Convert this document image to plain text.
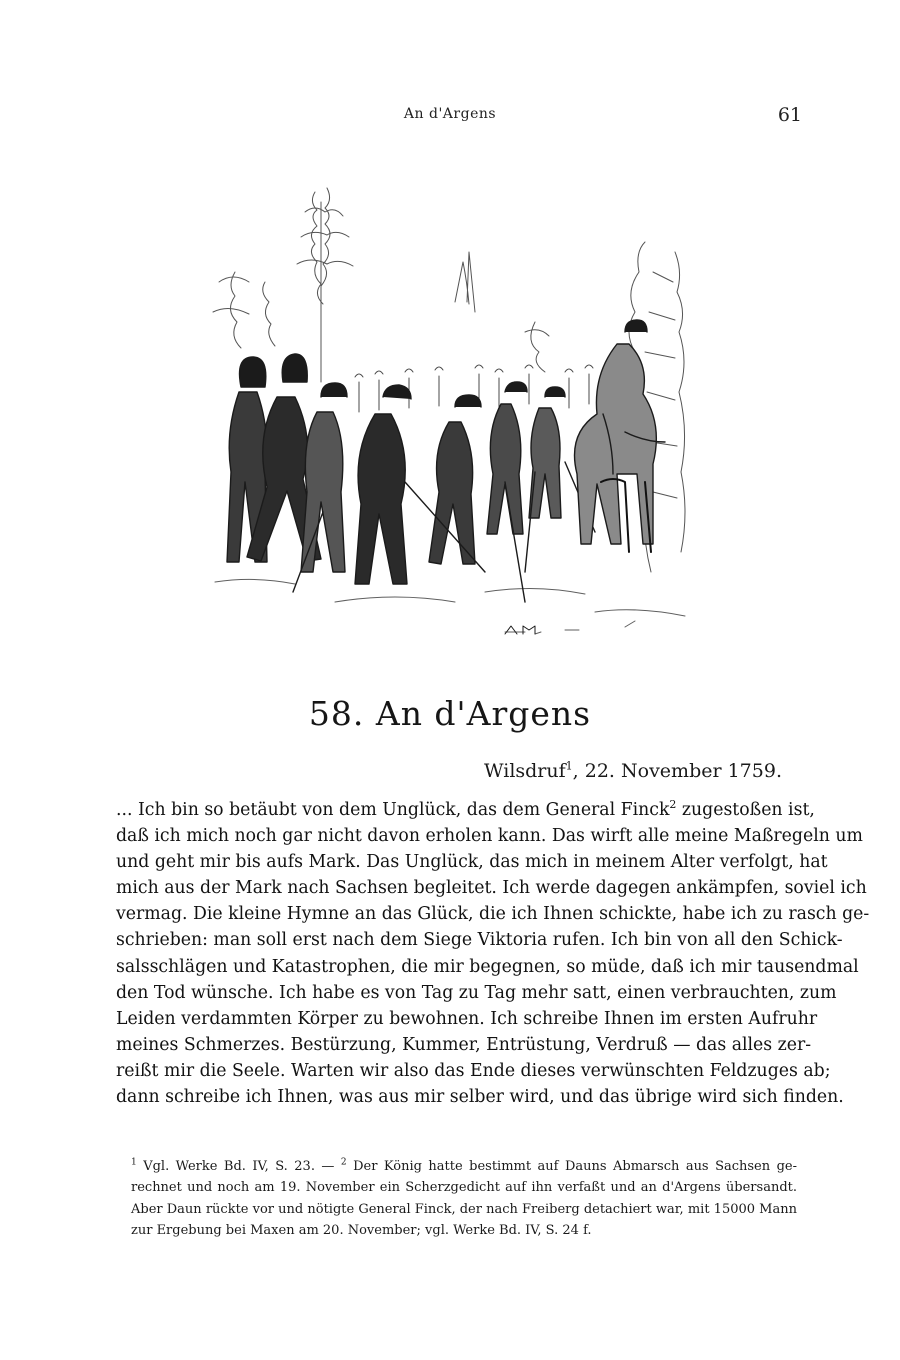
An d'Argens	61
58. An d'Argens
Wilsdruf$^1$, 22. November 1759.
... Ich bin so betäubt von dem Unglück, das dem General Finck$^2$ zugestoßen ist,
daß ich mich noch gar nicht davon erholen kann. Das wirft alle meine Maßregeln um
und geht mir bis aufs Mark. Das Unglück, das mich in meinem Alter verfolgt, hat
mich aus der Mark nach Sachsen begleitet. Ich werde dagegen ankämpfen, soviel ich
vermag. Die kleine Hymne an das Glück, die ich Ihnen schickte, habe ich zu rasch ge-
schrieben: man soll erst nach dem Siege Viktoria rufen. Ich bin von all den Schick-
salsschlägen und Katastrophen, die mir begegnen, so müde, daß ich mir tausendmal
den Tod wünsche. Ich habe es von Tag zu Tag mehr satt, einen verbrauchten, zum
Leiden verdammten Körper zu bewohnen. Ich schreibe Ihnen im ersten Aufruhr
meines Schmerzes. Bestürzung, Kummer, Entrüstung, Verdruß — das alles zer-
reißt mir die Seele. Warten wir also das Ende dieses verwünschten Feldzuges ab;
dann schreibe ich Ihnen, was aus mir selber wird, und das übrige wird sich finden.
$^1$ Vgl. Werke Bd. IV, S. 23. — $^2$ Der König hatte bestimmt auf Dauns Abmarsch aus Sachsen ge-
rechnet und noch am 19. November ein Scherzgedicht auf ihn verfaßt und an d'Argens übersandt.
Aber Daun rückte vor und nötigte General Finck, der nach Freiberg detachiert war, mit 15000 Mann
zur Ergebung bei Maxen am 20. November; vgl. Werke Bd. IV, S. 24 f.
